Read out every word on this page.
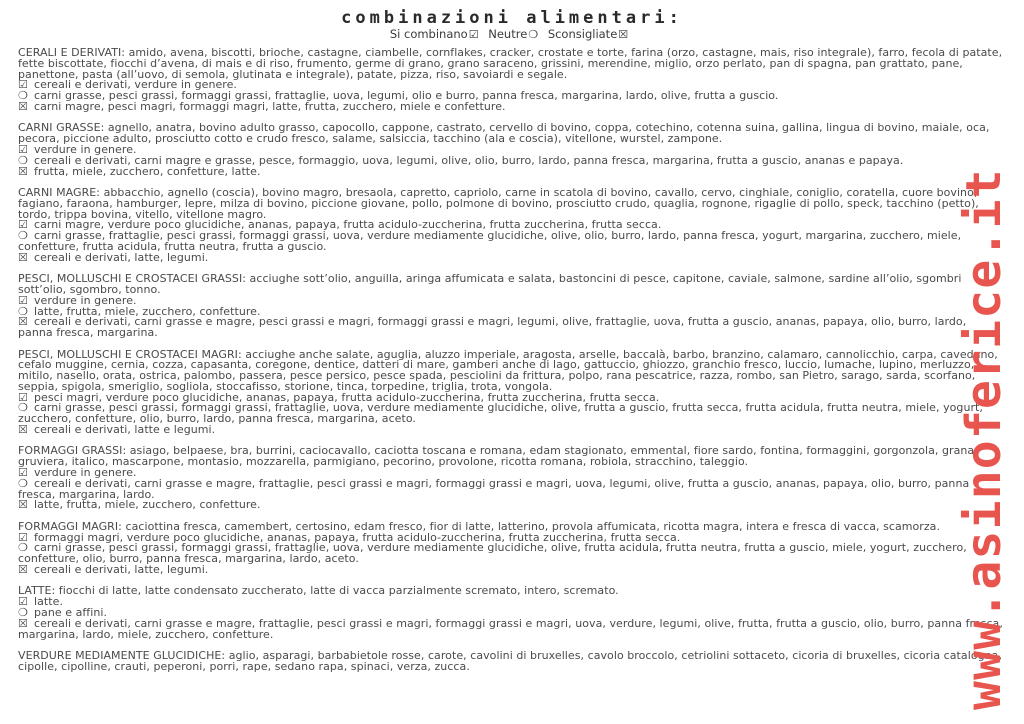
combinazioni alimentari:
Si combinano☑ Neutre❍ Sconsigliate☒

CERALI E DERIVATI: amido, avena, biscotti, brioche, castagne, ciambelle, cornflakes, cracker, crostate e torte, farina (orzo, castagne, mais, riso integrale), farro, fecola di patate, fette biscottate, fiocchi d’avena, di mais e di riso, frumento, germe di grano, grano saraceno, grissini, merendine, miglio, orzo perlato, pan di spagna, pan grattato, pane, panettone, pasta (all’uovo, di semola, glutinata e integrale), patate, pizza, riso, savoiardi e segale.

☑ cereali e derivati, verdure in genere.
❍ carni grasse, pesci grassi, formaggi grassi, frattaglie, uova, legumi, olio e burro, panna fresca, margarina, lardo, olive, frutta a guscio.
☒ carni magre, pesci magri, formaggi magri, latte, frutta, zucchero, miele e confetture.

CARNI GRASSE: agnello, anatra, bovino adulto grasso, capocollo, cappone, castrato, cervello di bovino, coppa, cotechino, cotenna suina, gallina, lingua di bovino, maiale, oca, pecora, piccione adulto, prosciutto cotto e crudo fresco, salame, salsiccia, tacchino (ala e coscia), vitellone, wurstel, zampone.

☑ verdure in genere.
❍ cereali e derivati, carni magre e grasse, pesce, formaggio, uova, legumi, olive, olio, burro, lardo, panna fresca, margarina, frutta a guscio, ananas e papaya.
☒ frutta, miele, zucchero, confetture, latte.

CARNI MAGRE: abbacchio, agnello (coscia), bovino magro, bresaola, capretto, capriolo, carne in scatola di bovino, cavallo, cervo, cinghiale, coniglio, coratella, cuore bovino, fagiano, faraona, hamburger, lepre, milza di bovino, piccione giovane, pollo, polmone di bovino, prosciutto crudo, quaglia, rognone, rigaglie di pollo, speck, tacchino (petto), tordo, trippa bovina, vitello, vitellone magro.

☑ carni magre, verdure poco glucidiche, ananas, papaya, frutta acidulo-zuccherina, frutta zuccherina, frutta secca.
❍ carni grasse, frattaglie, pesci grassi, formaggi grassi, uova, verdure mediamente glucidiche, olive, olio, burro, lardo, panna fresca, yogurt, margarina, zucchero, miele, confetture, frutta acidula, frutta neutra, frutta a guscio.
☒ cereali e derivati, latte, legumi.

PESCI, MOLLUSCHI E CROSTACEI GRASSI: acciughe sott’olio, anguilla, aringa affumicata e salata, bastoncini di pesce, capitone, caviale, salmone, sardine all’olio, sgombri sott’olio, sgombro, tonno.

☑ verdure in genere.
❍ latte, frutta, miele, zucchero, confetture.
☒ cereali e derivati, carni grasse e magre, pesci grassi e magri, formaggi grassi e magri, legumi, olive, frattaglie, uova, frutta a guscio, ananas, papaya, olio, burro, lardo, panna fresca, margarina.

PESCI, MOLLUSCHI E CROSTACEI MAGRI: acciughe anche salate, aguglia, aluzzo imperiale, aragosta, arselle, baccalà, barbo, branzino, calamaro, cannolicchio, carpa, cavedano, cefalo muggine, cernia, cozza, capasanta, coregone, dentice, datteri di mare, gamberi anche di lago, gattuccio, ghiozzo, granchio fresco, luccio, lumache, lupino, merluzzo, mitilo, nasello, orata, ostrica, palombo, passera, pesce persico, pesce spada, pesciolini da frittura, polpo, rana pescatrice, razza, rombo, san Pietro, sarago, sarda, scorfano, seppia, spigola, smeriglio, sogliola, stoccafisso, storione, tinca, torpedine, triglia, trota, vongola.

☑ pesci magri, verdure poco glucidiche, ananas, papaya, frutta acidulo-zuccherina, frutta zuccherina, frutta secca.
❍ carni grasse, pesci grassi, formaggi grassi, frattaglie, uova, verdure mediamente glucidiche, olive, frutta a guscio, frutta secca, frutta acidula, frutta neutra, miele, yogurt, zucchero, confetture, olio, burro, lardo, panna fresca, margarina, aceto.
☒ cereali e derivati, latte e legumi.

FORMAGGI GRASSI: asiago, belpaese, bra, burrini, caciocavallo, caciotta toscana e romana, edam stagionato, emmental, fiore sardo, fontina, formaggini, gorgonzola, grana, gruviera, italico, mascarpone, montasio, mozzarella, parmigiano, pecorino, provolone, ricotta romana, robiola, stracchino, taleggio.

☑ verdure in genere.
❍ cereali e derivati, carni grasse e magre, frattaglie, pesci grassi e magri, formaggi grassi e magri, uova, legumi, olive, frutta a guscio, ananas, papaya, olio, burro, panna fresca, margarina, lardo.
☒ latte, frutta, miele, zucchero, confetture.

FORMAGGI MAGRI: caciottina fresca, camembert, certosino, edam fresco, fior di latte, latterino, provola affumicata, ricotta magra, intera e fresca di vacca, scamorza.

☑ formaggi magri, verdure poco glucidiche, ananas, papaya, frutta acidulo-zuccherina, frutta zuccherina, frutta secca.
❍ carni grasse, pesci grassi, formaggi grassi, frattaglie, uova, verdure mediamente glucidiche, olive, frutta acidula, frutta neutra, frutta a guscio, miele, yogurt, zucchero, confetture, olio, burro, panna fresca, margarina, lardo, aceto.
☒ cereali e derivati, latte, legumi.

LATTE: fiocchi di latte, latte condensato zuccherato, latte di vacca parzialmente scremato, intero, scremato.

☑ latte.
❍ pane e affini.
☒ cereali e derivati, carni grasse e magre, frattaglie, pesci grassi e magri, formaggi grassi e magri, uova, verdure, legumi, olive, frutta, frutta a guscio, olio, burro, panna fresca, margarina, lardo, miele, zucchero, confetture.

VERDURE MEDIAMENTE GLUCIDICHE: aglio, asparagi, barbabietole rosse, carote, cavolini di bruxelles, cavolo broccolo, cetriolini sottaceto, cicoria di bruxelles, cicoria catalogna, cipolle, cipolline, crauti, peperoni, porri, rape, sedano rapa, spinaci, verza, zucca.	www.asinoferice.it
